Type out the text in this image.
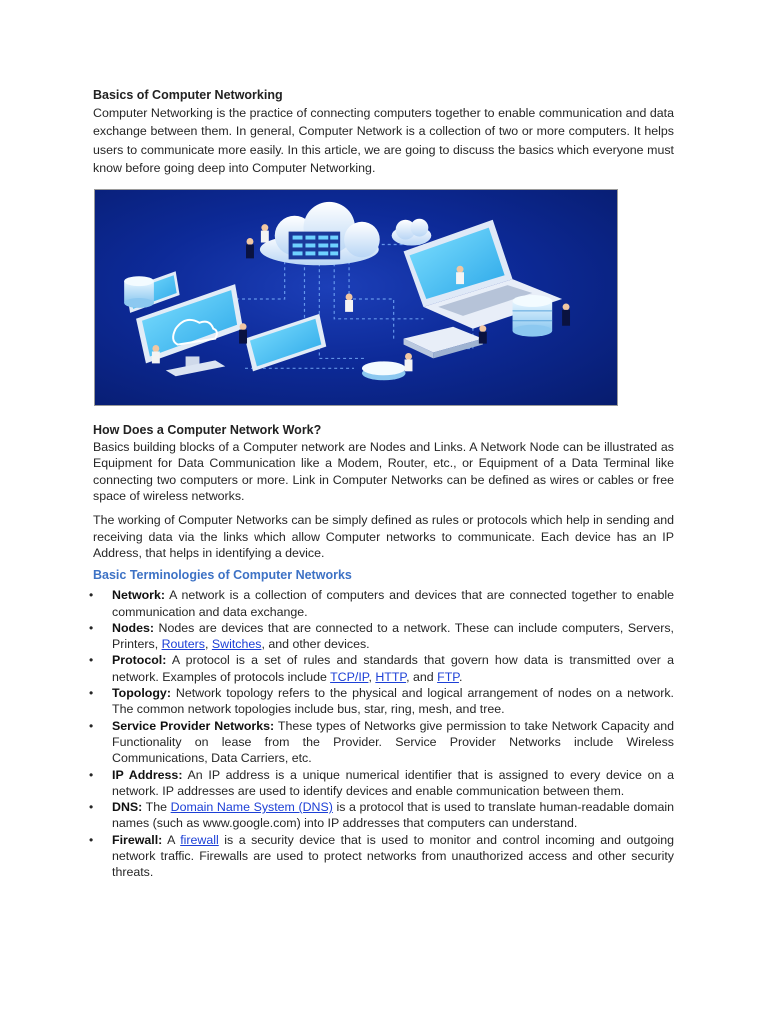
Basics of Computer Networking

Computer Networking is the practice of connecting computers together to enable communication and data exchange between them. In general, Computer Network is a collection of two or more computers. It helps users to communicate more easily. In this article, we are going to discuss the basics which everyone must know before going deep into Computer Networking.

How Does a Computer Network Work?

Basics building blocks of a Computer network are Nodes and Links. A Network Node can be illustrated as Equipment for Data Communication like a Modem, Router, etc., or Equipment of a Data Terminal like connecting two computers or more. Link in Computer Networks can be defined as wires or cables or free space of wireless networks.

The working of Computer Networks can be simply defined as rules or protocols which help in sending and receiving data via the links which allow Computer networks to communicate. Each device has an IP Address, that helps in identifying a device.

Basic Terminologies of Computer Networks
• Network: A network is a collection of computers and devices that are connected together to enable communication and data exchange.
• Nodes: Nodes are devices that are connected to a network. These can include computers, Servers, Printers, Routers, Switches, and other devices.
• Protocol: A protocol is a set of rules and standards that govern how data is transmitted over a network. Examples of protocols include TCP/IP, HTTP, and FTP.
• Topology: Network topology refers to the physical and logical arrangement of nodes on a network. The common network topologies include bus, star, ring, mesh, and tree.
• Service Provider Networks: These types of Networks give permission to take Network Capacity and Functionality on lease from the Provider. Service Provider Networks include Wireless Communications, Data Carriers, etc.
• IP Address: An IP address is a unique numerical identifier that is assigned to every device on a network. IP addresses are used to identify devices and enable communication between them.
• DNS: The Domain Name System (DNS) is a protocol that is used to translate human-readable domain names (such as www.google.com) into IP addresses that computers can understand.
• Firewall: A firewall is a security device that is used to monitor and control incoming and outgoing network traffic. Firewalls are used to protect networks from unauthorized access and other security threats.
